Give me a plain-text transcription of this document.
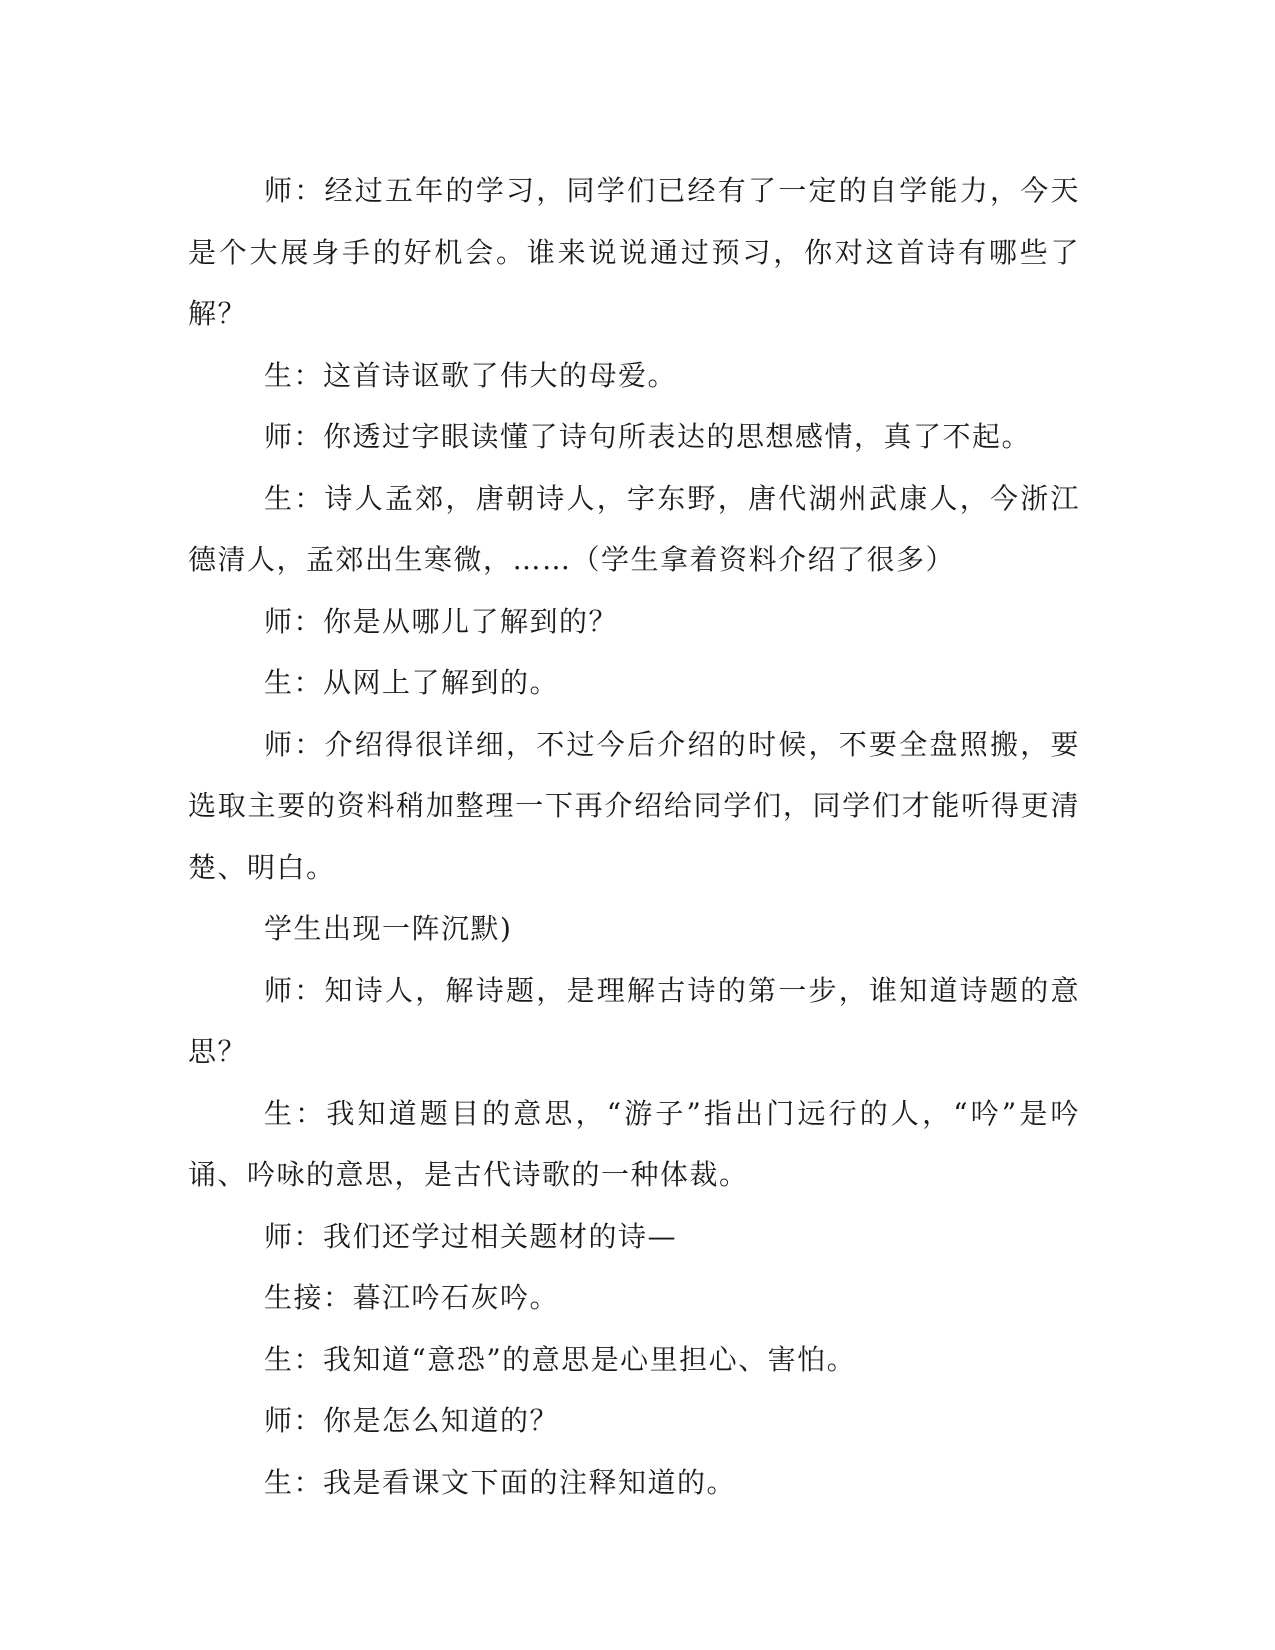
师：经过五年的学习，同学们已经有了一定的自学能力，今天是个大展身手的好机会。谁来说说通过预习，你对这首诗有哪些了解？

生：这首诗讴歌了伟大的母爱。

师：你透过字眼读懂了诗句所表达的思想感情，真了不起。

生：诗人孟郊，唐朝诗人，字东野，唐代湖州武康人，今浙江德清人，孟郊出生寒微，……（学生拿着资料介绍了很多）

师：你是从哪儿了解到的？

生：从网上了解到的。

师：介绍得很详细，不过今后介绍的时候，不要全盘照搬，要选取主要的资料稍加整理一下再介绍给同学们，同学们才能听得更清楚、明白。

学生出现一阵沉默)

师：知诗人，解诗题，是理解古诗的第一步，谁知道诗题的意思？

生：我知道题目的意思，“游子”指出门远行的人，“吟”是吟诵、吟咏的意思，是古代诗歌的一种体裁。

师：我们还学过相关题材的诗—

生接：暮江吟石灰吟。

生：我知道“意恐”的意思是心里担心、害怕。

师：你是怎么知道的？

生：我是看课文下面的注释知道的。
